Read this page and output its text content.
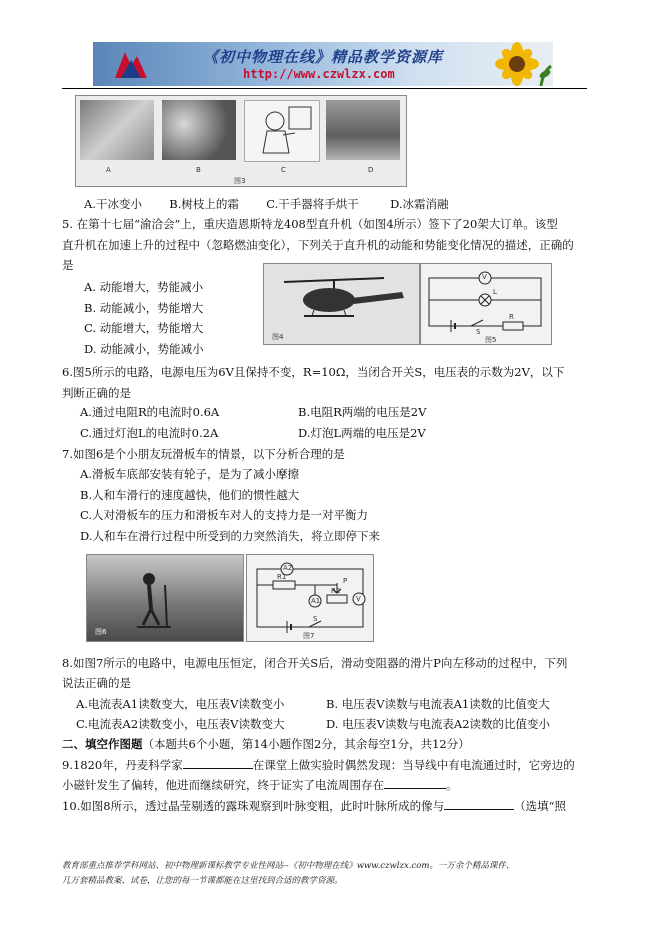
《初中物理在线》精品教学资源库
http://www.czwlzx.com
A	B	C	D
图3
A.干冰变小 B.树枝上的霜 C.干手器将手烘干	D.冰霜消融
5. 在第十七届“渝洽会”上，重庆造恩斯特龙408型直升机（如图4所示）签下了20架大订单。该型
直升机在加速上升的过程中（忽略燃油变化），下列关于直升机的动能和势能变化情况的描述，正确的
是
A. 动能增大，势能减小
B. 动能减小，势能增大
C. 动能增大，势能增大
D. 动能减小，势能减小
图4
V
L
R
S
图5
6.图5所示的电路，电源电压为6V且保持不变，R=10Ω，当闭合开关S，电压表的示数为2V，以下
判断正确的是
A.通过电阻R的电流时0.6A	B.电阻R两端的电压是2V
C.通过灯泡L的电流时0.2A	D.灯泡L两端的电压是2V
7.如图6是个小朋友玩滑板车的情景，以下分析合理的是
A.滑板车底部安装有轮子，是为了减小摩擦
B.人和车滑行的速度越快，他们的惯性越大
C.人对滑板车的压力和滑板车对人的支持力是一对平衡力
D.人和车在滑行过程中所受到的力突然消失，将立即停下来
图6
A2
R1
A1
R2
P
V
S
图7
8.如图7所示的电路中，电源电压恒定，闭合开关S后，滑动变阻器的滑片P向左移动的过程中，下列
说法正确的是
A.电流表A1读数变大，电压表V读数变小	B. 电压表V读数与电流表A1读数的比值变大
C.电流表A2读数变小，电压表V读数变大	D. 电压表V读数与电流表A2读数的比值变小
二、填空作图题（本题共6个小题，第14小题作图2分，其余每空1分，共12分）
9.1820年，丹麦科学家	在课堂上做实验时偶然发现：当导线中有电流通过时，它旁边的
小磁针发生了偏转，他进而继续研究，终于证实了电流周围存在	。
10.如图8所示，透过晶莹剔透的露珠观察到叶脉变粗，此时叶脉所成的像与	（选填“照
教育部重点推荐学科网站、初中物理新课标教学专业性网站--《初中物理在线》www.czwlzx.com。一万余个精品课件、
几万套精品教案、试卷，让您的每一节课都能在这里找到合适的教学资源。
